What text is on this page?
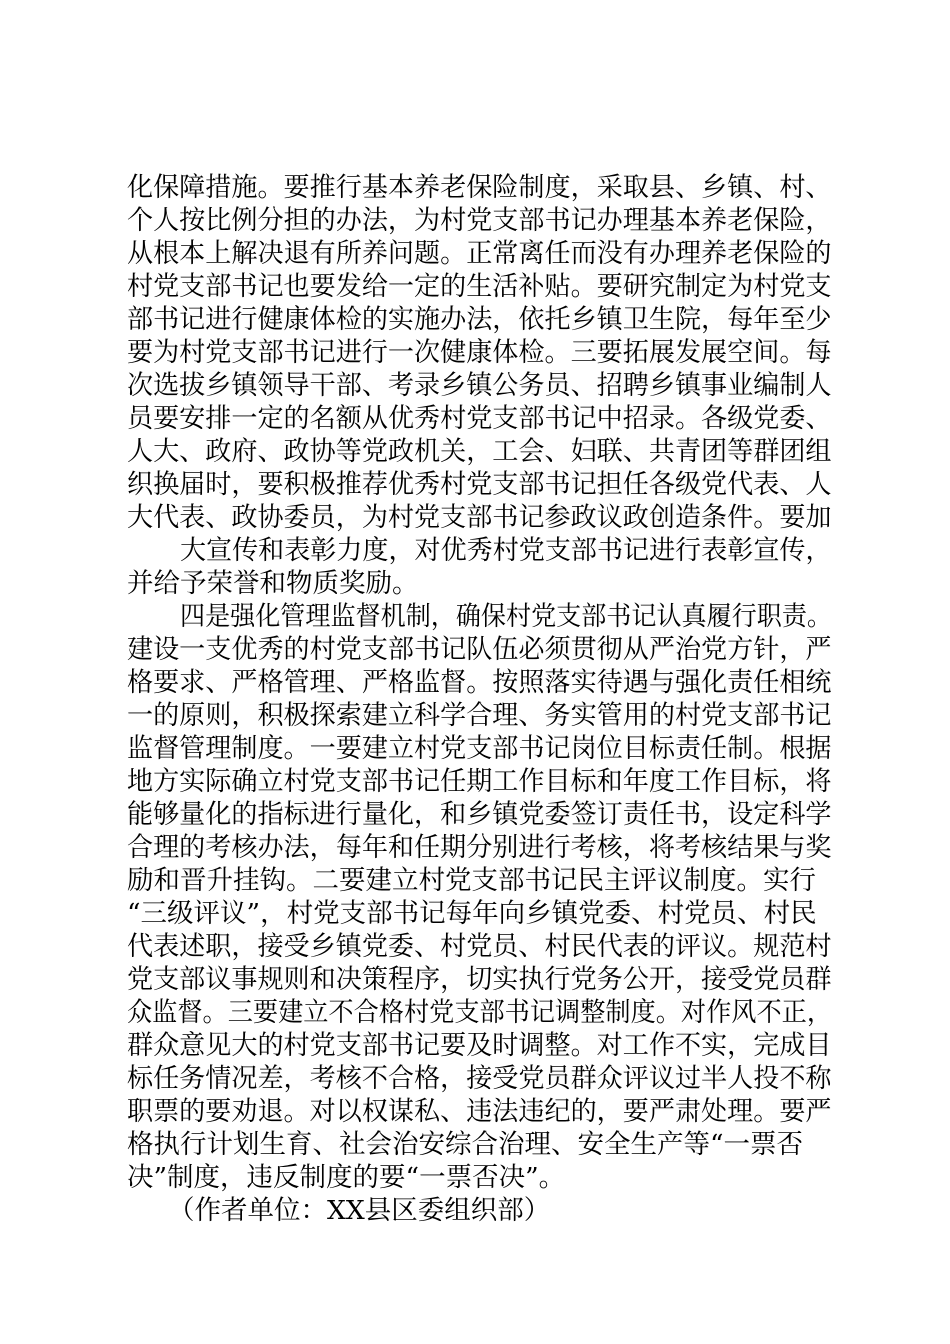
化保障措施。要推行基本养老保险制度，采取县、乡镇、村、
个人按比例分担的办法，为村党支部书记办理基本养老保险，
从根本上解决退有所养问题。正常离任而没有办理养老保险的
村党支部书记也要发给一定的生活补贴。要研究制定为村党支
部书记进行健康体检的实施办法，依托乡镇卫生院，每年至少
要为村党支部书记进行一次健康体检。三要拓展发展空间。每
次选拔乡镇领导干部、考录乡镇公务员、招聘乡镇事业编制人
员要安排一定的名额从优秀村党支部书记中招录。各级党委、
人大、政府、政协等党政机关，工会、妇联、共青团等群团组
织换届时，要积极推荐优秀村党支部书记担任各级党代表、人
大代表、政协委员，为村党支部书记参政议政创造条件。要加
大宣传和表彰力度，对优秀村党支部书记进行表彰宣传，
并给予荣誉和物质奖励。
四是强化管理监督机制，确保村党支部书记认真履行职责。
建设一支优秀的村党支部书记队伍必须贯彻从严治党方针，严
格要求、严格管理、严格监督。按照落实待遇与强化责任相统
一的原则，积极探索建立科学合理、务实管用的村党支部书记
监督管理制度。一要建立村党支部书记岗位目标责任制。根据
地方实际确立村党支部书记任期工作目标和年度工作目标，将
能够量化的指标进行量化，和乡镇党委签订责任书，设定科学
合理的考核办法，每年和任期分别进行考核，将考核结果与奖
励和晋升挂钩。二要建立村党支部书记民主评议制度。实行
“三级评议”，村党支部书记每年向乡镇党委、村党员、村民
代表述职，接受乡镇党委、村党员、村民代表的评议。规范村
党支部议事规则和决策程序，切实执行党务公开，接受党员群
众监督。三要建立不合格村党支部书记调整制度。对作风不正，
群众意见大的村党支部书记要及时调整。对工作不实，完成目
标任务情况差，考核不合格，接受党员群众评议过半人投不称
职票的要劝退。对以权谋私、违法违纪的，要严肃处理。要严
格执行计划生育、社会治安综合治理、安全生产等“一票否
决”制度，违反制度的要“一票否决”。
（作者单位：XX县区委组织部）
